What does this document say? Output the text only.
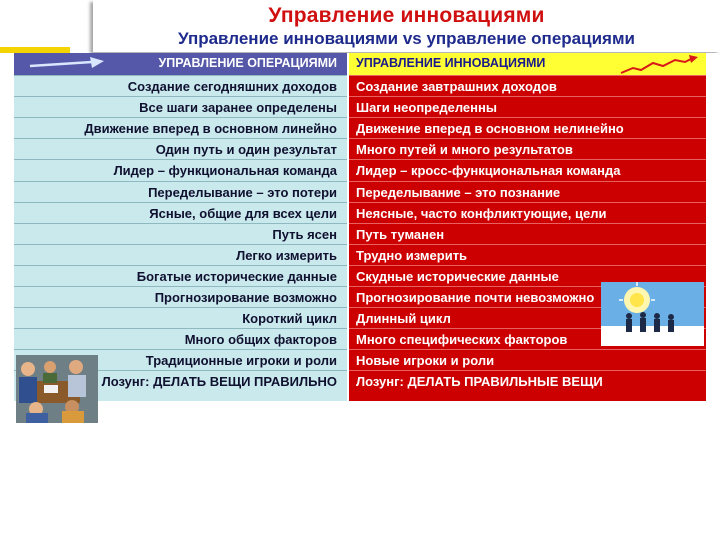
Управление инновациями
Управление инновациями vs управление операциями
УПРАВЛЕНИЕ ОПЕРАЦИЯМИ
Создание сегодняшних доходов
Все шаги заранее определены
Движение вперед в основном линейно
Один путь и один результат
Лидер – функциональная команда
Переделывание – это потери
Ясные, общие для всех цели
Путь ясен
Легко измерить
Богатые исторические данные
Прогнозирование возможно
Короткий цикл
Много общих факторов
Традиционные игроки и роли
Лозунг: ДЕЛАТЬ ВЕЩИ ПРАВИЛЬНО
УПРАВЛЕНИЕ ИННОВАЦИЯМИ
Создание завтрашних доходов
Шаги неопределенны
Движение вперед в основном нелинейно
Много путей и много результатов
Лидер – кросс-функциональная команда
Переделывание – это познание
Неясные, часто конфликтующие, цели
Путь туманен
Трудно измерить
Скудные исторические данные
Прогнозирование почти невозможно
Длинный цикл
Много специфических факторов
Новые игроки и роли
Лозунг: ДЕЛАТЬ ПРАВИЛЬНЫЕ ВЕЩИ
